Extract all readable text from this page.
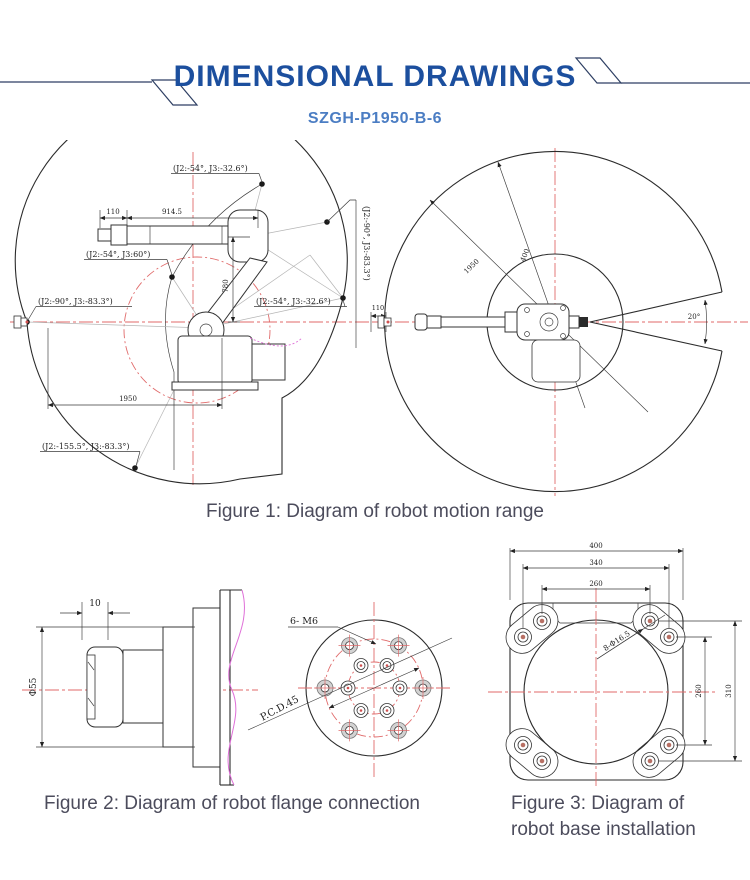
DIMENSIONAL DRAWINGS
SZGH-P1950-B-6
(J2:-54°, J3:-32.6°)
(J2:-54°, J3:60°)
(J2:-90°, J3:-83.3°)	(J2:-54°, J3:-32.6°)
(J2:-90°, J3:-83.3°)
(J2:-155.5°, J3:-83.3°)
110	914.5
780
1950
1950
400
20°
110
Figure 1: Diagram of robot motion range
Φ55
10
6- M6
P.C.D.45
400
340
260
260	310
8-Φ16.5
Figure 2: Diagram of robot flange connection	Figure 3: Diagram of
robot base installation
